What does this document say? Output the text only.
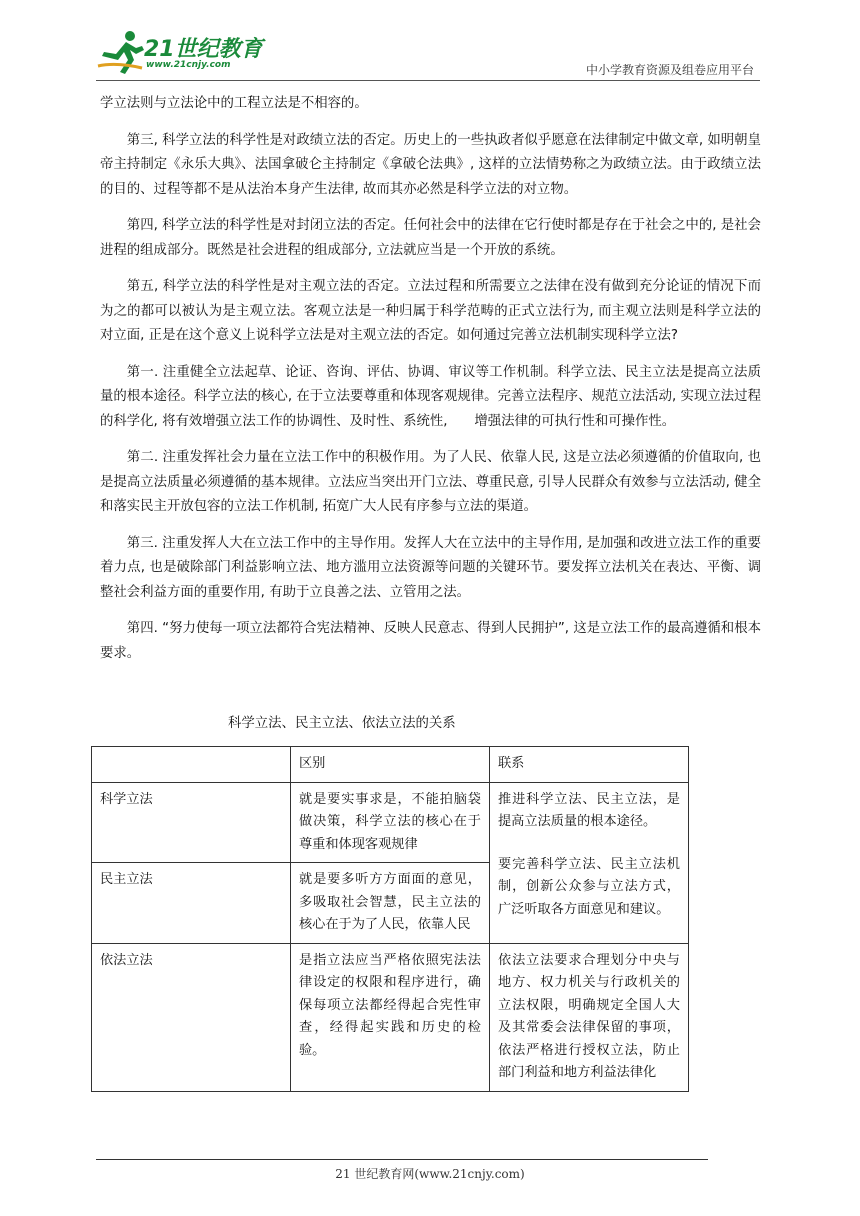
21世纪教育
www.21cnjy.com	中小学教育资源及组卷应用平台

学立法则与立法论中的工程立法是不相容的。

第三, 科学立法的科学性是对政绩立法的否定。历史上的一些执政者似乎愿意在法律制定中做文章, 如明朝皇帝主持制定《永乐大典》、法国拿破仑主持制定《拿破仑法典》, 这样的立法情势称之为政绩立法。由于政绩立法的目的、过程等都不是从法治本身产生法律, 故而其亦必然是科学立法的对立物。

第四, 科学立法的科学性是对封闭立法的否定。任何社会中的法律在它行使时都是存在于社会之中的, 是社会进程的组成部分。既然是社会进程的组成部分, 立法就应当是一个开放的系统。

第五, 科学立法的科学性是对主观立法的否定。立法过程和所需要立之法律在没有做到充分论证的情况下而为之的都可以被认为是主观立法。客观立法是一种归属于科学范畴的正式立法行为, 而主观立法则是科学立法的对立面, 正是在这个意义上说科学立法是对主观立法的否定。如何通过完善立法机制实现科学立法?

第一. 注重健全立法起草、论证、咨询、评估、协调、审议等工作机制。科学立法、民主立法是提高立法质量的根本途径。科学立法的核心, 在于立法要尊重和体现客观规律。完善立法程序、规范立法活动, 实现立法过程的科学化, 将有效增强立法工作的协调性、及时性、系统性,　　增强法律的可执行性和可操作性。

第二. 注重发挥社会力量在立法工作中的积极作用。为了人民、依靠人民, 这是立法必须遵循的价值取向, 也是提高立法质量必须遵循的基本规律。立法应当突出开门立法、尊重民意, 引导人民群众有效参与立法活动, 健全和落实民主开放包容的立法工作机制, 拓宽广大人民有序参与立法的渠道。

第三. 注重发挥人大在立法工作中的主导作用。发挥人大在立法中的主导作用, 是加强和改进立法工作的重要着力点, 也是破除部门利益影响立法、地方滥用立法资源等问题的关键环节。要发挥立法机关在表达、平衡、调整社会利益方面的重要作用, 有助于立良善之法、立管用之法。

第四. “努力使每一项立法都符合宪法精神、反映人民意志、得到人民拥护”, 这是立法工作的最高遵循和根本要求。

科学立法、民主立法、依法立法的关系
	区别	联系
科学立法	就是要实事求是，不能拍脑袋做决策，科学立法的核心在于尊重和体现客观规律	推进科学立法、民主立法，是提高立法质量的根本途径。
要完善科学立法、民主立法机制，创新公众参与立法方式，广泛听取各方面意见和建议。

民主立法	就是要多听方方面面的意见，多吸取社会智慧，民主立法的核心在于为了人民，依靠人民	
依法立法	是指立法应当严格依照宪法法律设定的权限和程序进行，确保每项立法都经得起合宪性审查，经得起实践和历史的检验。	依法立法要求合理划分中央与地方、权力机关与行政机关的立法权限，明确规定全国人大及其常委会法律保留的事项，依法严格进行授权立法，防止部门利益和地方利益法律化
21 世纪教育网(www.21cnjy.com)
